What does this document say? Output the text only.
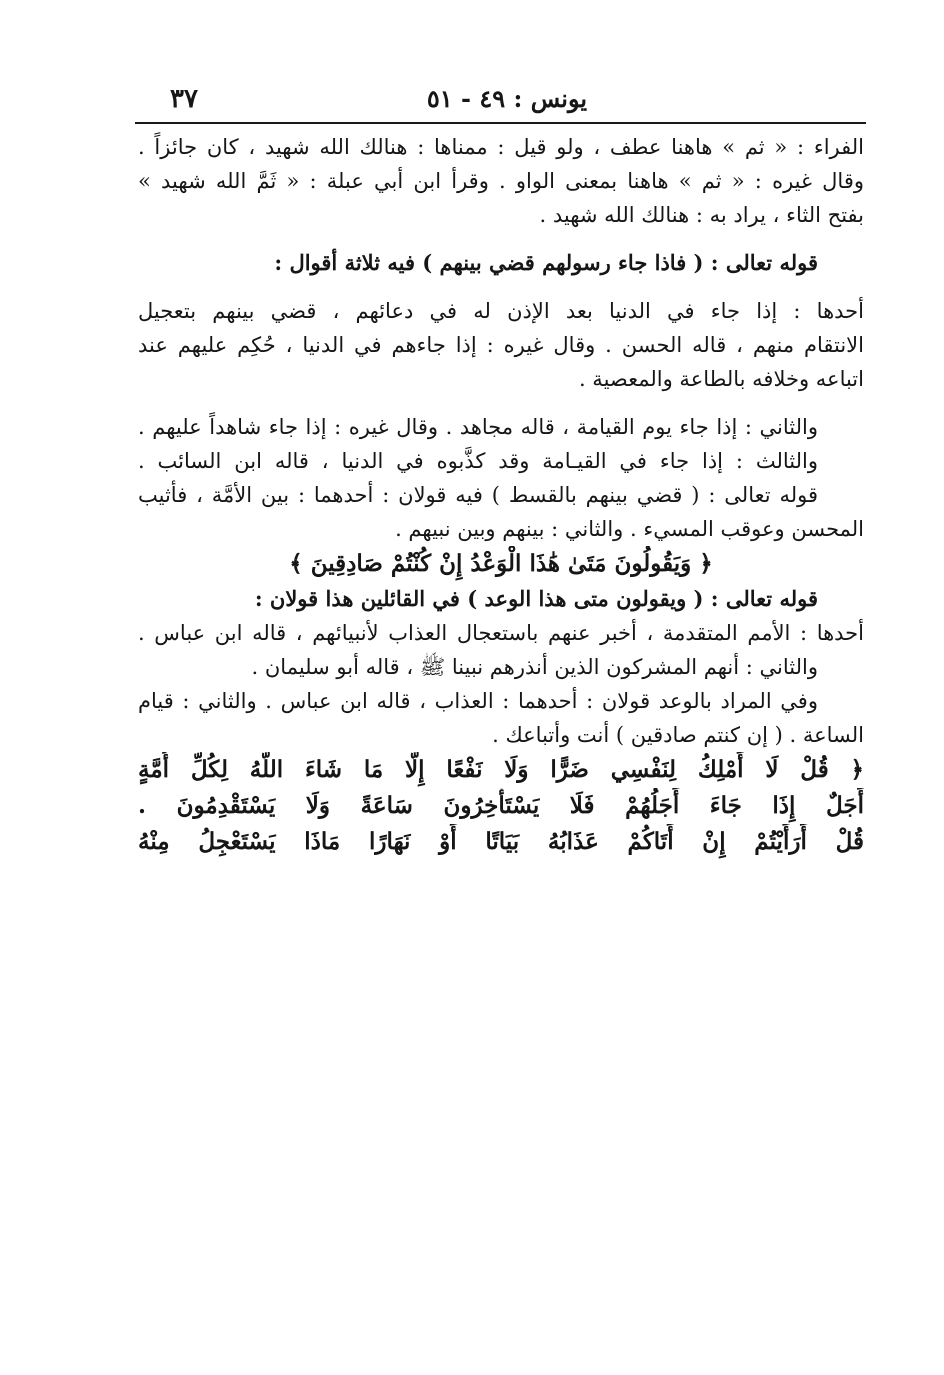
٣٧	يونس : ٤٩ - ٥١

الفراء : « ثم » هاهنا عطف ، ولو قيل : ممناها : هنالك الله شهيد ، كان جائزاً .

وقال غيره : « ثم » هاهنا بمعنى الواو . وقرأ ابن أبي عبلة : « ثَمَّ الله شهيد »

بفتح الثاء ، يراد به : هنالك الله شهيد .

قوله تعالى : ( فاذا جاء رسولهم قضي بينهم ) فيه ثلاثة أقوال :

أحدها : إذا جاء في الدنيا بعد الإذن له في دعائهم ، قضي بينهم بتعجيل

الانتقام منهم ، قاله الحسن . وقال غيره : إذا جاءهم في الدنيا ، حُكِم عليهم عند

اتباعه وخلافه بالطاعة والمعصية .

والثاني : إذا جاء يوم القيامة ، قاله مجاهد . وقال غيره : إذا جاء شاهداً عليهم .

والثالث : إذا جاء في القيـامة وقد كذَّبوه في الدنيا ، قاله ابن السائب .

قوله تعالى : ( قضي بينهم بالقسط ) فيه قولان : أحدهما : بين الأمَّة ، فأثيب

المحسن وعوقب المسيء . والثاني : بينهم وبين نبيهم .

﴿ وَيَقُولُونَ مَتَىٰ هَٰذَا الْوَعْدُ إِنْ كُنْتُمْ صَادِقِينَ ﴾

قوله تعالى : ( ويقولون متى هذا الوعد ) في القائلين هذا قولان :

أحدها : الأمم المتقدمة ، أخبر عنهم باستعجال العذاب لأنبيائهم ، قاله ابن عباس .

والثاني : أنهم المشركون الذين أنذرهم نبينا ﷺ ، قاله أبو سليمان .

وفي المراد بالوعد قولان : أحدهما : العذاب ، قاله ابن عباس . والثاني : قيام

الساعة . ( إن كنتم صادقين ) أنت وأتباعك .

﴿ قُلْ لَا أَمْلِكُ لِنَفْسِي ضَرًّا وَلَا نَفْعًا إِلَّا مَا شَاءَ اللَّهُ لِكُلِّ أُمَّةٍ

أَجَلٌ إِذَا جَاءَ أَجَلُهُمْ فَلَا يَسْتَأْخِرُونَ سَاعَةً وَلَا يَسْتَقْدِمُونَ .

قُلْ أَرَأَيْتُمْ إِنْ أَتَاكُمْ عَذَابُهُ بَيَاتًا أَوْ نَهَارًا مَاذَا يَسْتَعْجِلُ مِنْهُ
